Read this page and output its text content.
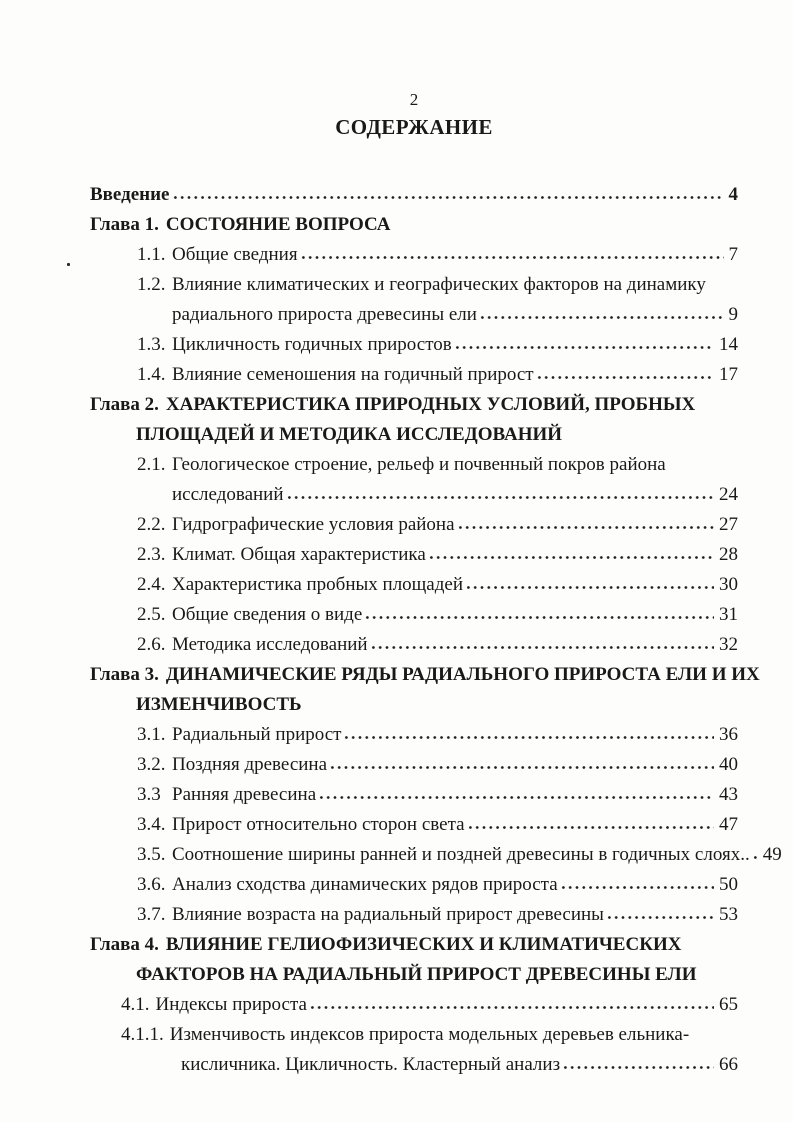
2
СОДЕРЖАНИЕ
Введение	4
Глава 1. СОСТОЯНИЕ ВОПРОСА
1.1. Общие сведния	7
1.2. Влияние климатических и географических факторов на динамику
радиального прироста древесины ели	9
1.3. Цикличность годичных приростов	14
1.4. Влияние семеношения на годичный прирост	17
Глава 2. ХАРАКТЕРИСТИКА ПРИРОДНЫХ УСЛОВИЙ, ПРОБНЫХ
ПЛОЩАДЕЙ И МЕТОДИКА ИССЛЕДОВАНИЙ
2.1. Геологическое строение, рельеф и почвенный покров района
исследований	24
2.2. Гидрографические условия района	27
2.3. Климат. Общая характеристика	28
2.4. Характеристика пробных площадей	30
2.5. Общие сведения о виде	31
2.6. Методика исследований	32
Глава 3. ДИНАМИЧЕСКИЕ РЯДЫ РАДИАЛЬНОГО ПРИРОСТА ЕЛИ И ИХ
ИЗМЕНЧИВОСТЬ
3.1. Радиальный прирост	36
3.2. Поздняя древесина	40
3.3 Ранняя древесина	43
3.4. Прирост относительно сторон света	47
3.5. Соотношение ширины ранней и поздней древесины в годичных слоях.. 49
3.6. Анализ сходства динамических рядов прироста	50
3.7. Влияние возраста на радиальный прирост древесины	53
Глава 4. ВЛИЯНИЕ ГЕЛИОФИЗИЧЕСКИХ И КЛИМАТИЧЕСКИХ
ФАКТОРОВ НА РАДИАЛЬНЫЙ ПРИРОСТ ДРЕВЕСИНЫ ЕЛИ
4.1. Индексы прироста	65
4.1.1. Изменчивость индексов прироста модельных деревьев ельника-
кисличника. Цикличность. Кластерный анализ	66
